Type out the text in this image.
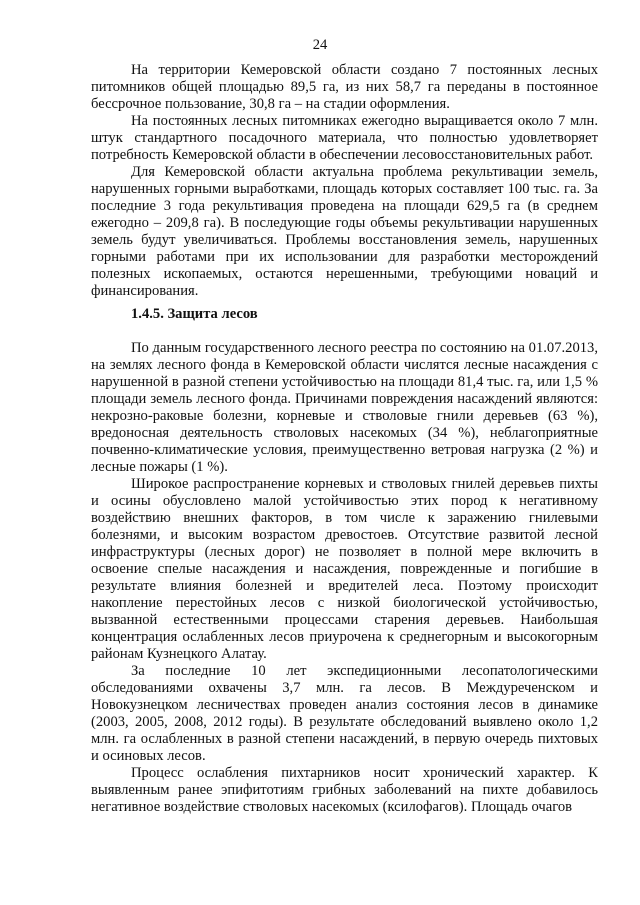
24

На территории Кемеровской области создано 7 постоянных лесных питомников общей площадью 89,5 га, из них 58,7 га переданы в постоянное бессрочное пользование, 30,8 га – на стадии оформления.

На постоянных лесных питомниках ежегодно выращивается около 7 млн. штук стандартного посадочного материала, что полностью удовлетворяет потребность Кемеровской области в обеспечении лесовосстановительных работ.

Для Кемеровской области актуальна проблема рекультивации земель, нарушенных горными выработками, площадь которых составляет 100 тыс. га. За последние 3 года рекультивация проведена на площади 629,5 га (в среднем ежегодно – 209,8 га). В последующие годы объемы рекультивации нарушенных земель будут увеличиваться. Проблемы восстановления земель, нарушенных горными работами при их использовании для разработки месторождений полезных ископаемых, остаются нерешенными, требующими новаций и финансирования.

1.4.5. Защита лесов

По данным государственного лесного реестра по состоянию на 01.07.2013, на землях лесного фонда в Кемеровской области числятся лесные насаждения с нарушенной в разной степени устойчивостью на площади 81,4 тыс. га, или 1,5 % площади земель лесного фонда. Причинами повреждения насаждений являются: некрозно-раковые болезни, корневые и стволовые гнили деревьев (63 %), вредоносная деятельность стволовых насекомых (34 %), неблагоприятные почвенно-климатические условия, преимущественно ветровая нагрузка (2 %) и лесные пожары (1 %).

Широкое распространение корневых и стволовых гнилей деревьев пихты и осины обусловлено малой устойчивостью этих пород к негативному воздействию внешних факторов, в том числе к заражению гнилевыми болезнями, и высоким возрастом древостоев. Отсутствие развитой лесной инфраструктуры (лесных дорог) не позволяет в полной мере включить в освоение спелые насаждения и насаждения, поврежденные и погибшие в результате влияния болезней и вредителей леса. Поэтому происходит накопление перестойных лесов с низкой биологической устойчивостью, вызванной естественными процессами старения деревьев. Наибольшая концентрация ослабленных лесов приурочена к среднегорным и высокогорным районам Кузнецкого Алатау.

За последние 10 лет экспедиционными лесопатологическими обследованиями охвачены 3,7 млн. га лесов. В Междуреченском и Новокузнецком лесничествах проведен анализ состояния лесов в динамике (2003, 2005, 2008, 2012 годы). В результате обследований выявлено около 1,2 млн. га ослабленных в разной степени насаждений, в первую очередь пихтовых и осиновых лесов.

Процесс ослабления пихтарников носит хронический характер. К выявленным ранее эпифитотиям грибных заболеваний на пихте добавилось негативное воздействие стволовых насекомых (ксилофагов). Площадь очагов
